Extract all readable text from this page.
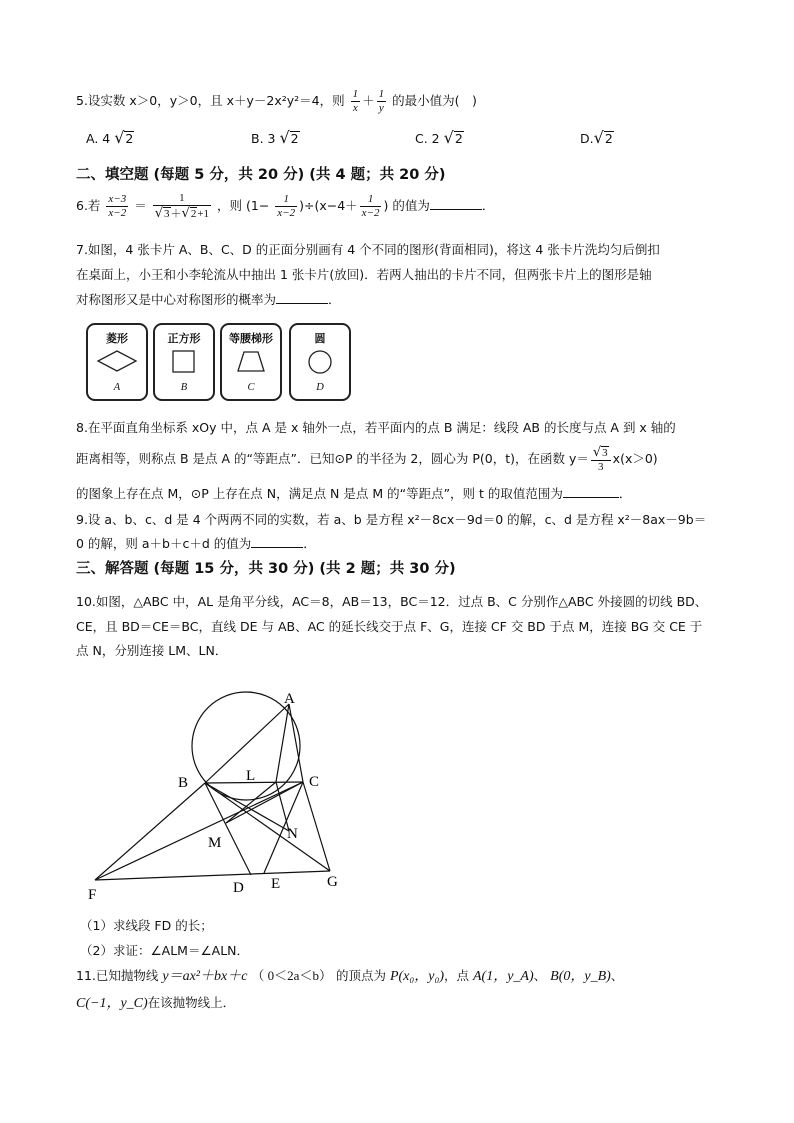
5.设实数 x＞0，y＞0，且 x＋y－2x²y²＝4，则 $\frac{1}{x} + \frac{1}{y}$ 的最小值为(　)
A. 4 √2	B. 3 √2	C. 2 √2	D.√2
二、填空题 (每题 5 分，共 20 分) (共 4 题；共 20 分)
6.若 $\frac{x-3}{x-2} = \frac{1}{√3+√2+1}$ ，则 $(1- \frac{1}{x-2} )\div(x-4+ \frac{1}{x-2}$ ) 的值为	．
7.如图，4 张卡片 A、B、C、D 的正面分别画有 4 个不同的图形(背面相同)，将这 4 张卡片洗均匀后倒扣
在桌面上，小王和小李轮流从中抽出 1 张卡片(放回)．若两人抽出的卡片不同，但两张卡片上的图形是轴
对称图形又是中心对称图形的概率为	．
菱形
A
正方形
B
等腰梯形
C
圆
D
8.在平面直角坐标系 xOy 中，点 A 是 x 轴外一点，若平面内的点 B 满足：线段 AB 的长度与点 A 到 x 轴的
距离相等，则称点 B 是点 A 的“等距点”．已知⊙P 的半径为 2，圆心为 P(0，t)，在函数 $y= \frac{√3}{3} x(x>0)$
的图象上存在点 M，⊙P 上存在点 N，满足点 N 是点 M 的“等距点”，则 t 的取值范围为	．
9.设 a、b、c、d 是 4 个两两不同的实数，若 a、b 是方程 x²－8cx－9d＝0 的解，c、d 是方程 x²－8ax－9b＝
0 的解，则 a＋b＋c＋d 的值为	．
三、解答题 (每题 15 分，共 30 分) (共 2 题；共 30 分)
10.如图，△ABC 中，AL 是角平分线，AC＝8，AB＝13，BC＝12．过点 B、C 分别作△ABC 外接圆的切线 BD、
CE，且 BD＝CE＝BC，直线 DE 与 AB、AC 的延长线交于点 F、G，连接 CF 交 BD 于点 M，连接 BG 交 CE 于
点 N，分别连接 LM、LN．
A
B	C
L
M
N
D E
F
G
（1）求线段 FD 的长；
（2）求证：∠ALM＝∠ALN．
11.已知抛物线 y＝ax²＋bx＋c （ 0＜2a＜b） 的顶点为 P(x₀，y₀)，点 A(1，y_A)、 B(0，y_B)、
C(−1，y_C)在该抛物线上．
